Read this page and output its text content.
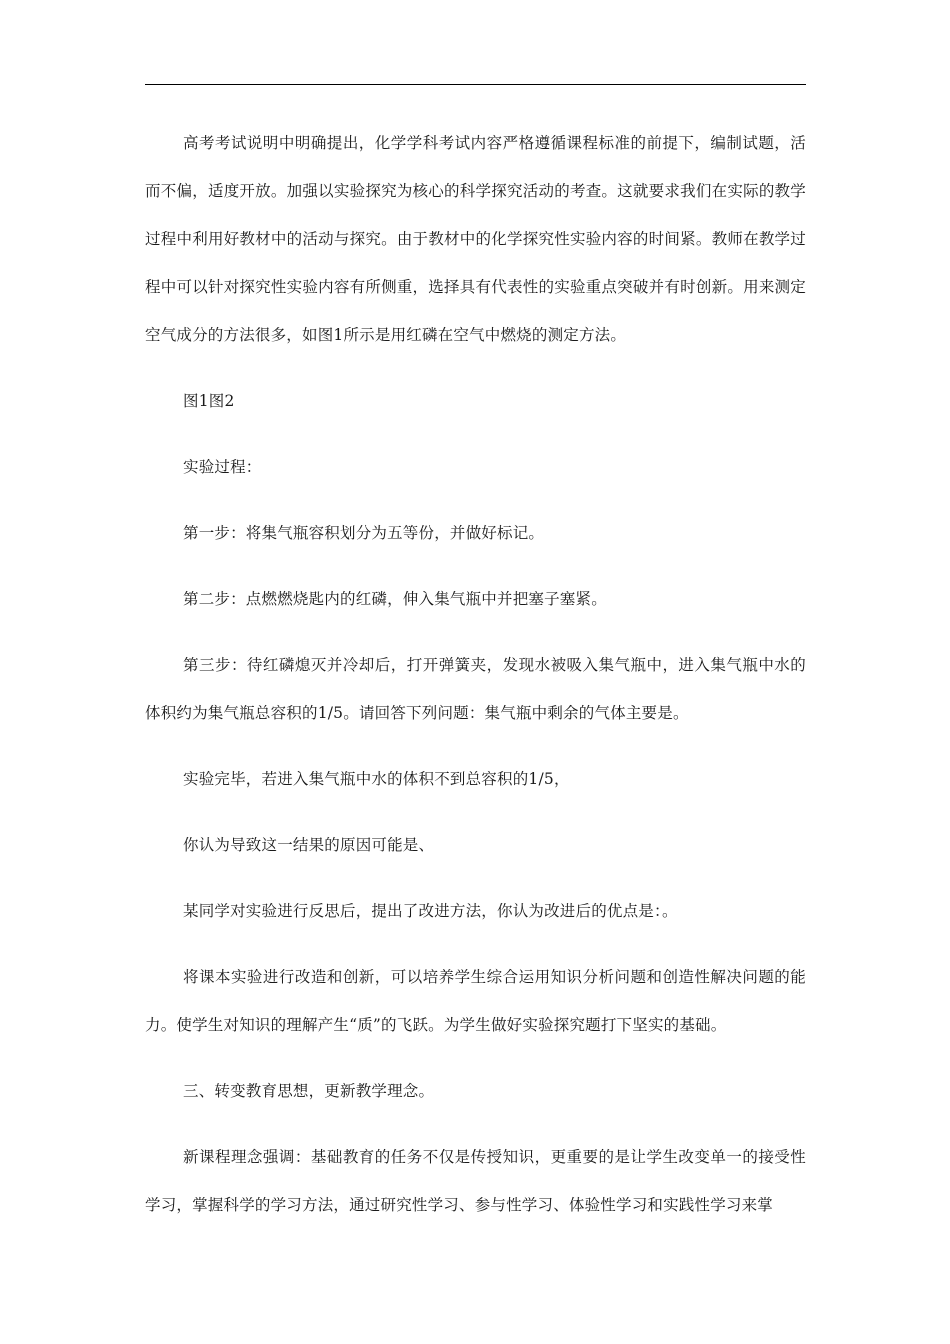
高考考试说明中明确提出，化学学科考试内容严格遵循课程标准的前提下，编制试题，活而不偏，适度开放。加强以实验探究为核心的科学探究活动的考查。这就要求我们在实际的教学过程中利用好教材中的活动与探究。由于教材中的化学探究性实验内容的时间紧。教师在教学过程中可以针对探究性实验内容有所侧重，选择具有代表性的实验重点突破并有时创新。用来测定空气成分的方法很多，如图1所示是用红磷在空气中燃烧的测定方法。

图1图2

实验过程：

第一步：将集气瓶容积划分为五等份，并做好标记。

第二步：点燃燃烧匙内的红磷，伸入集气瓶中并把塞子塞紧。

第三步：待红磷熄灭并冷却后，打开弹簧夹，发现水被吸入集气瓶中，进入集气瓶中水的体积约为集气瓶总容积的1/5。请回答下列问题：集气瓶中剩余的气体主要是。

实验完毕，若进入集气瓶中水的体积不到总容积的1/5，

你认为导致这一结果的原因可能是、

某同学对实验进行反思后，提出了改进方法，你认为改进后的优点是：。

将课本实验进行改造和创新，可以培养学生综合运用知识分析问题和创造性解决问题的能力。使学生对知识的理解产生“质”的飞跃。为学生做好实验探究题打下坚实的基础。

三、转变教育思想，更新教学理念。

新课程理念强调：基础教育的任务不仅是传授知识，更重要的是让学生改变单一的接受性学习，掌握科学的学习方法，通过研究性学习、参与性学习、体验性学习和实践性学习来掌
